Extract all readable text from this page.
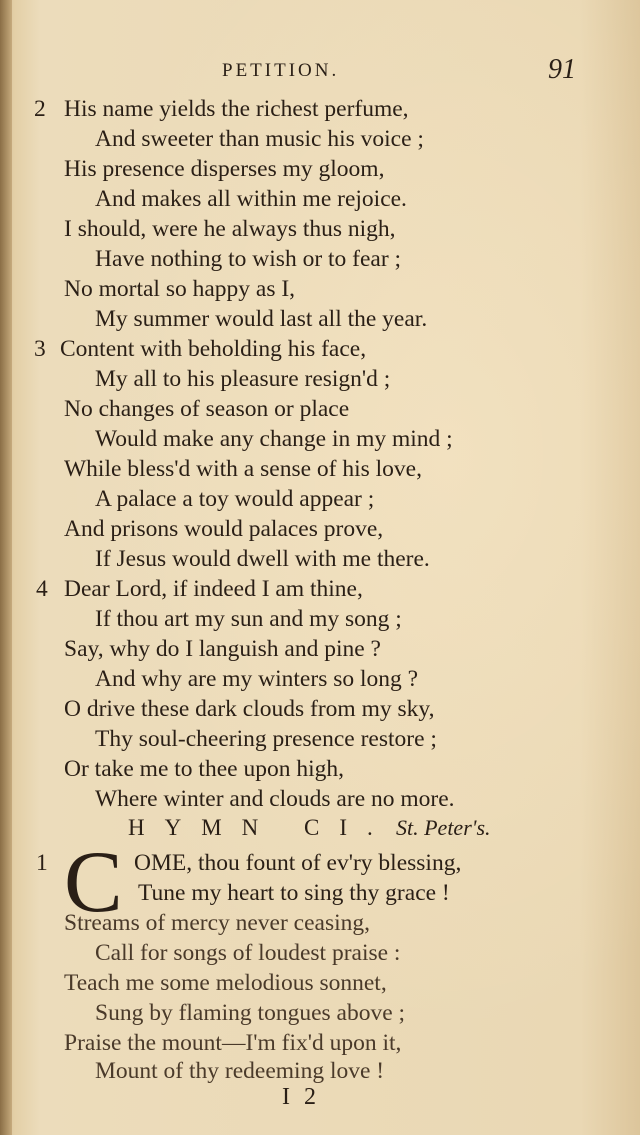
PETITION.	91
2 His name yields the richest perfume,
And sweeter than music his voice ;
His presence disperses my gloom,
And makes all within me rejoice.
I should, were he always thus nigh,
Have nothing to wish or to fear ;
No mortal so happy as I,
My summer would last all the year.
3 Content with beholding his face,
My all to his pleasure resign'd ;
No changes of season or place
Would make any change in my mind ;
While bless'd with a sense of his love,
A palace a toy would appear ;
And prisons would palaces prove,
If Jesus would dwell with me there.
4 Dear Lord, if indeed I am thine,
If thou art my sun and my song ;
Say, why do I languish and pine ?
And why are my winters so long ?
O drive these dark clouds from my sky,
Thy soul-cheering presence restore ;
Or take me to thee upon high,
Where winter and clouds are no more.
HYMN CI. St. Peter's.
1 C OME, thou fount of ev'ry blessing,
Tune my heart to sing thy grace !
Streams of mercy never ceasing,
Call for songs of loudest praise :
Teach me some melodious sonnet,
Sung by flaming tongues above ;
Praise the mount—I'm fix'd upon it,
Mount of thy redeeming love !
I 2
